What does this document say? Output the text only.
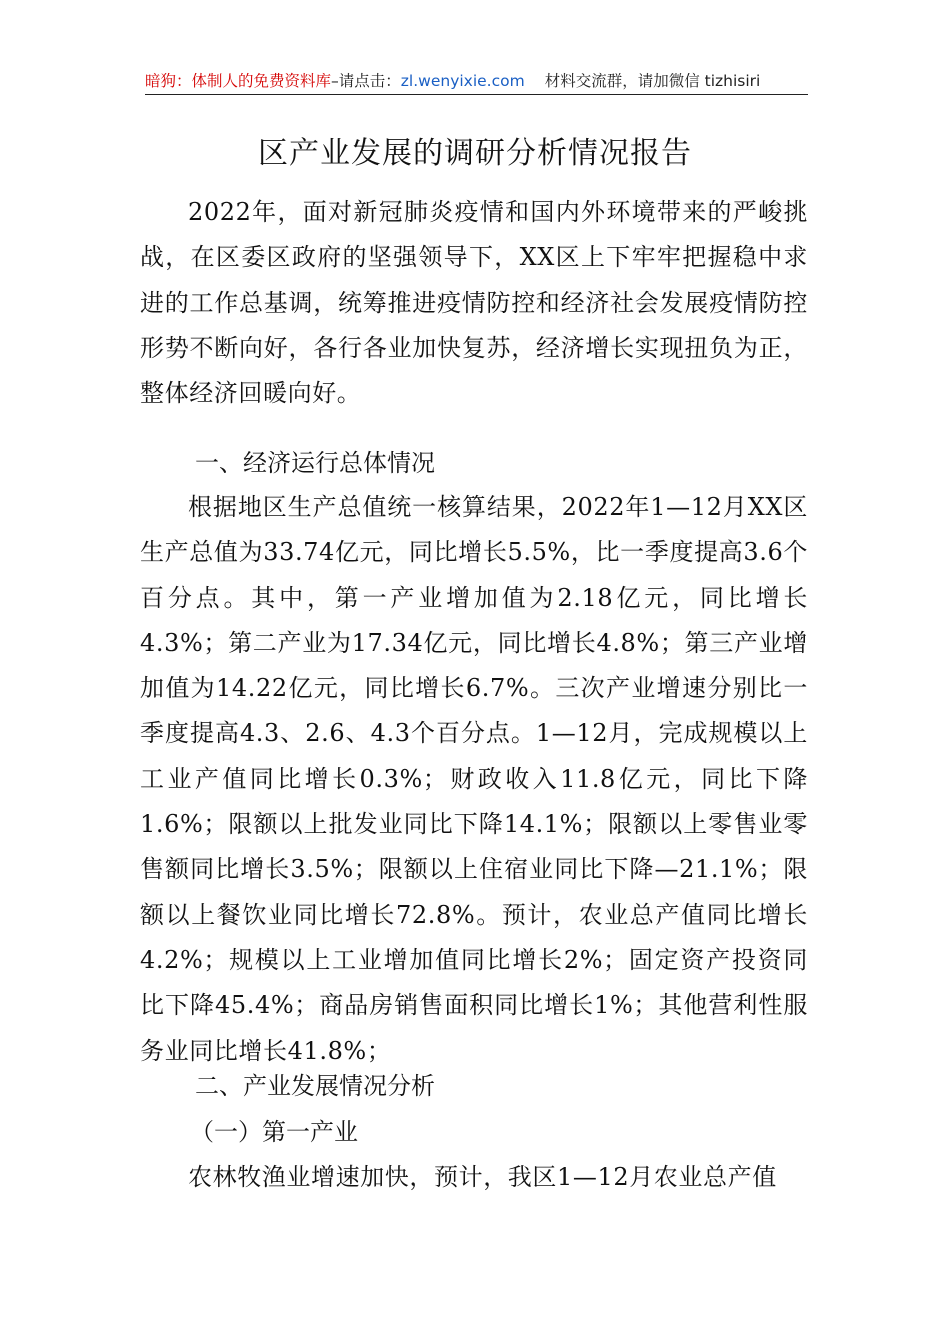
暗狗：体制人的免费资料库–请点击：zl.wenyixie.com 材料交流群，请加微信 tizhisiri
区产业发展的调研分析情况报告
2022年，面对新冠肺炎疫情和国内外环境带来的严峻挑战，在区委区政府的坚强领导下，XX区上下牢牢把握稳中求进的工作总基调，统筹推进疫情防控和经济社会发展疫情防控形势不断向好，各行各业加快复苏，经济增长实现扭负为正，整体经济回暖向好。
一、经济运行总体情况
根据地区生产总值统一核算结果，2022年1—12月XX区生产总值为33.74亿元，同比增长5.5%，比一季度提高3.6个百分点。其中，第一产业增加值为2.18亿元，同比增长4.3%；第二产业为17.34亿元，同比增长4.8%；第三产业增加值为14.22亿元，同比增长6.7%。三次产业增速分别比一季度提高4.3、2.6、4.3个百分点。1—12月，完成规模以上工业产值同比增长0.3%；财政收入11.8亿元，同比下降1.6%；限额以上批发业同比下降14.1%；限额以上零售业零售额同比增长3.5%；限额以上住宿业同比下降—21.1%；限额以上餐饮业同比增长72.8%。预计，农业总产值同比增长4.2%；规模以上工业增加值同比增长2%；固定资产投资同比下降45.4%；商品房销售面积同比增长1%；其他营利性服务业同比增长41.8%；
二、产业发展情况分析
（一）第一产业
农林牧渔业增速加快，预计，我区1—12月农业总产值
